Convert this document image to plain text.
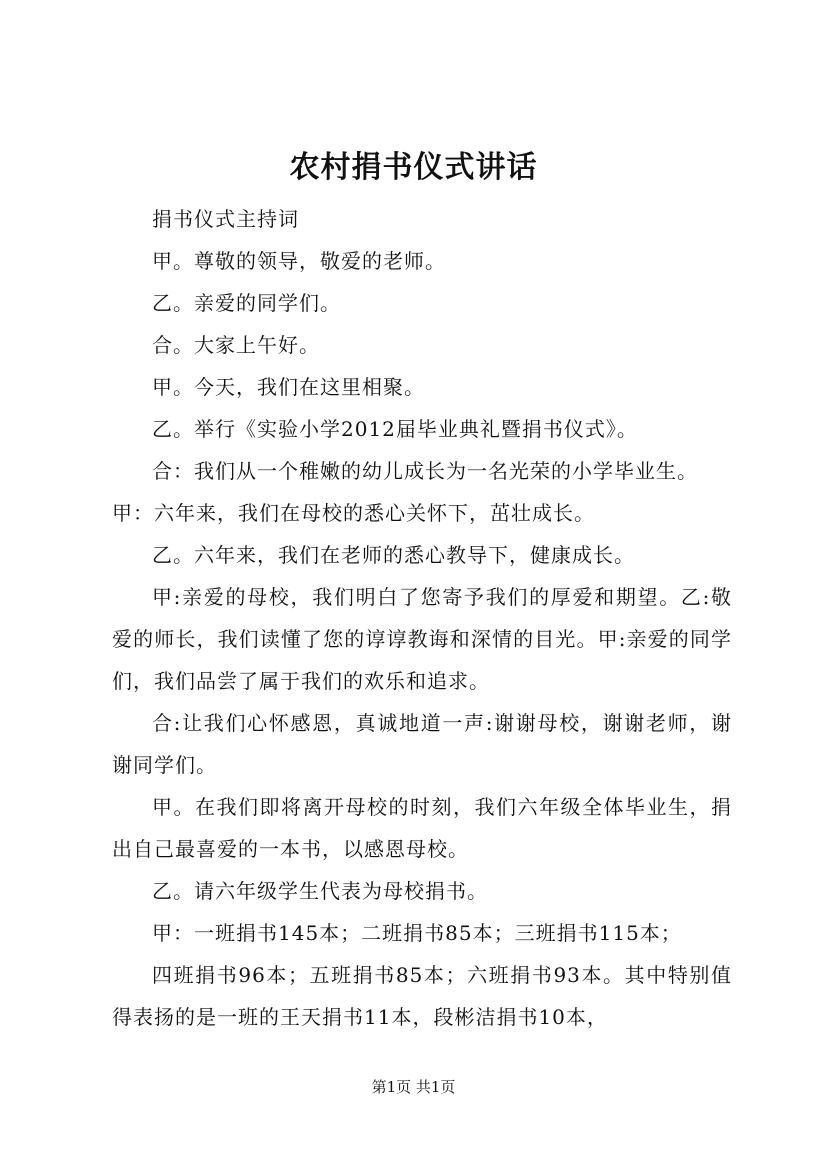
农村捐书仪式讲话

捐书仪式主持词

甲。尊敬的领导，敬爱的老师。

乙。亲爱的同学们。

合。大家上午好。

甲。今天，我们在这里相聚。

乙。举行《实验小学2012届毕业典礼暨捐书仪式》。

合：我们从一个稚嫩的幼儿成长为一名光荣的小学毕业生。

甲：六年来，我们在母校的悉心关怀下，茁壮成长。

乙。六年来，我们在老师的悉心教导下，健康成长。

甲:亲爱的母校，我们明白了您寄予我们的厚爱和期望。乙:敬爱的师长，我们读懂了您的谆谆教诲和深情的目光。甲:亲爱的同学们，我们品尝了属于我们的欢乐和追求。

合:让我们心怀感恩，真诚地道一声:谢谢母校，谢谢老师，谢谢同学们。

甲。在我们即将离开母校的时刻，我们六年级全体毕业生，捐出自己最喜爱的一本书，以感恩母校。

乙。请六年级学生代表为母校捐书。

甲：一班捐书145本；二班捐书85本；三班捐书115本；

四班捐书96本；五班捐书85本；六班捐书93本。其中特别值得表扬的是一班的王天捐书11本，段彬洁捐书10本，

第1页 共1页
